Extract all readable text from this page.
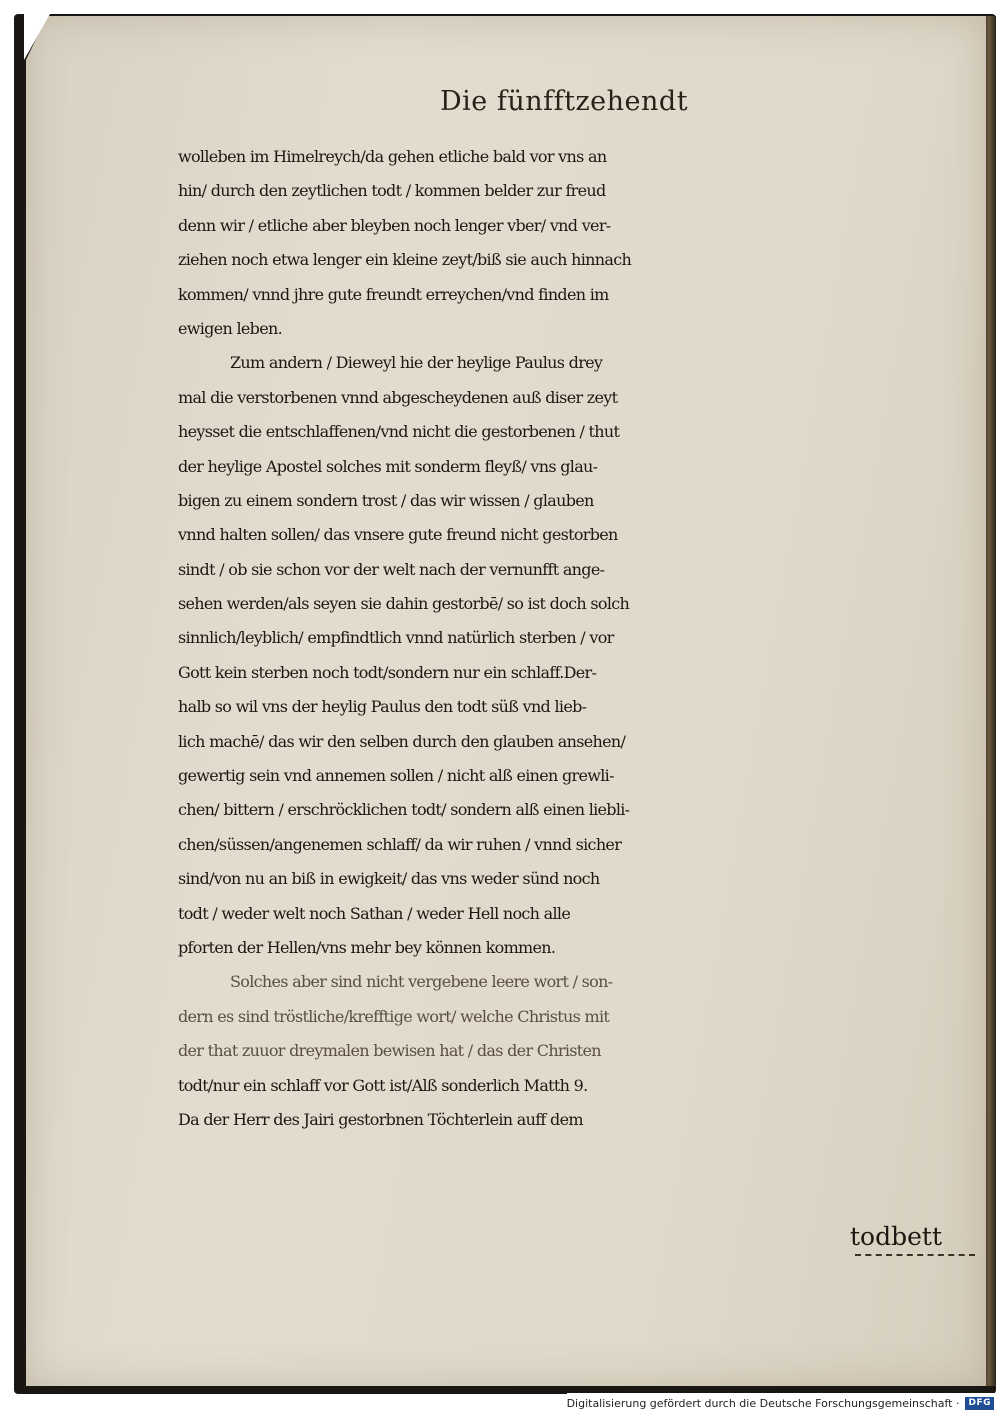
Die fünfftzehendt
wolleben im Himelreych/da gehen etliche bald vor vns an
hin/ durch den zeytlichen todt / kommen belder zur freud
denn wir / etliche aber bleyben noch lenger vber/ vnd ver-
ziehen noch etwa lenger ein kleine zeyt/biß sie auch hinnach
kommen/ vnnd jhre gute freundt erreychen/vnd finden im
ewigen leben.
Zum andern / Dieweyl hie der heylige Paulus drey
mal die verstorbenen vnnd abgescheydenen auß diser zeyt
heysset die entschlaffenen/vnd nicht die gestorbenen / thut
der heylige Apostel solches mit sonderm fleyß/ vns glau-
bigen zu einem sondern trost / das wir wissen / glauben
vnnd halten sollen/ das vnsere gute freund nicht gestorben
sindt / ob sie schon vor der welt nach der vernunfft ange-
sehen werden/als seyen sie dahin gestorbē/ so ist doch solch
sinnlich/leyblich/ empfindtlich vnnd natürlich sterben / vor
Gott kein sterben noch todt/sondern nur ein schlaff.Der-
halb so wil vns der heylig Paulus den todt süß vnd lieb-
lich machē/ das wir den selben durch den glauben ansehen/
gewertig sein vnd annemen sollen / nicht alß einen grewli-
chen/ bittern / erschröcklichen todt/ sondern alß einen liebli-
chen/süssen/angenemen schlaff/ da wir ruhen / vnnd sicher
sind/von nu an biß in ewigkeit/ das vns weder sünd noch
todt / weder welt noch Sathan / weder Hell noch alle
pforten der Hellen/vns mehr bey können kommen.
Solches aber sind nicht vergebene leere wort / son-
dern es sind tröstliche/krefftige wort/ welche Christus mit
der that zuuor dreymalen bewisen hat / das der Christen
todt/nur ein schlaff vor Gott ist/Alß sonderlich Matth 9.
Da der Herr des Jairi gestorbnen Töchterlein auff dem
todbett
Digitalisierung gefördert durch die Deutsche Forschungsgemeinschaft ·	DFG
